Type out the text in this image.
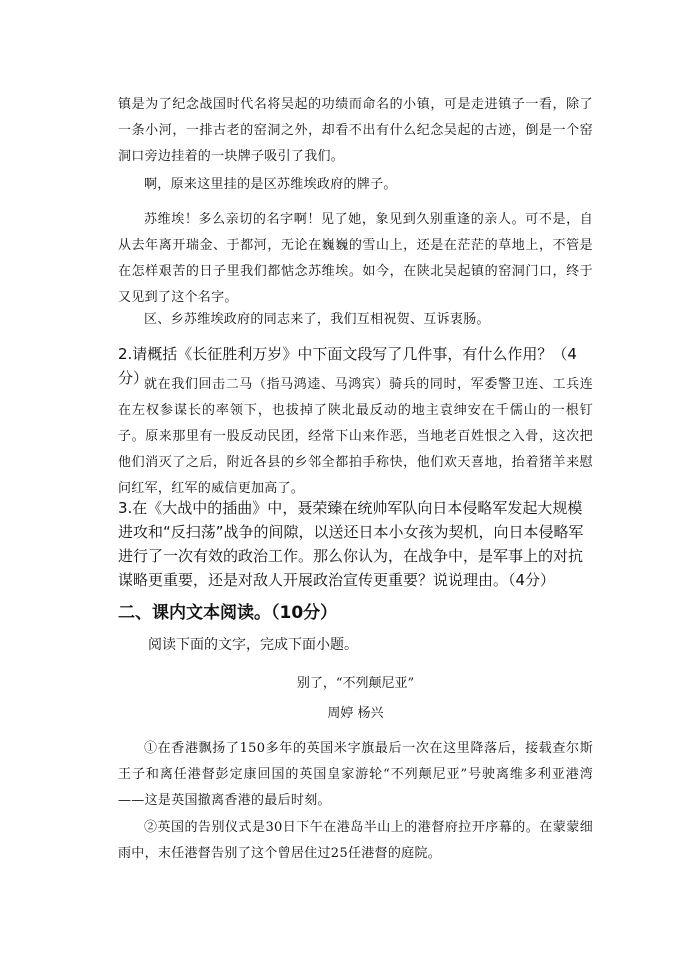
镇是为了纪念战国时代名将吴起的功绩而命名的小镇，可是走进镇子一看，除了一条小河，一排古老的窑洞之外，却看不出有什么纪念吴起的古迹，倒是一个窑洞口旁边挂着的一块牌子吸引了我们。

啊，原来这里挂的是区苏维埃政府的牌子。

苏维埃！多么亲切的名字啊！见了她，象见到久别重逢的亲人。可不是，自从去年离开瑞金、于都河，无论在巍巍的雪山上，还是在茫茫的草地上，不管是在怎样艰苦的日子里我们都惦念苏维埃。如今，在陕北吴起镇的窑洞门口，终于又见到了这个名字。

区、乡苏维埃政府的同志来了，我们互相祝贺、互诉衷肠。

2.请概括《长征胜利万岁》中下面文段写了几件事，有什么作用？（4分）

就在我们回击二马（指马鸿逵、马鸿宾）骑兵的同时，军委警卫连、工兵连在左权参谋长的率领下，也拔掉了陕北最反动的地主袁绅安在千儒山的一根钉子。原来那里有一股反动民团，经常下山来作恶，当地老百姓恨之入骨，这次把他们消灭了之后，附近各县的乡邻全都拍手称快，他们欢天喜地，抬着猪羊来慰问红军，红军的威信更加高了。

3.在《大战中的插曲》中，聂荣臻在统帅军队向日本侵略军发起大规模进攻和“反扫荡”战争的间隙，以送还日本小女孩为契机，向日本侵略军进行了一次有效的政治工作。那么你认为，在战争中，是军事上的对抗谋略更重要，还是对敌人开展政治宣传更重要？说说理由。（4分）

二、课内文本阅读。（10分）

阅读下面的文字，完成下面小题。

别了，“不列颠尼亚”

周婷 杨兴

①在香港飘扬了150多年的英国米字旗最后一次在这里降落后，接载查尔斯王子和离任港督彭定康回国的英国皇家游轮“不列颠尼亚”号驶离维多利亚港湾——这是英国撤离香港的最后时刻。

②英国的告别仪式是30日下午在港岛半山上的港督府拉开序幕的。在蒙蒙细雨中，末任港督告别了这个曾居住过25任港督的庭院。
